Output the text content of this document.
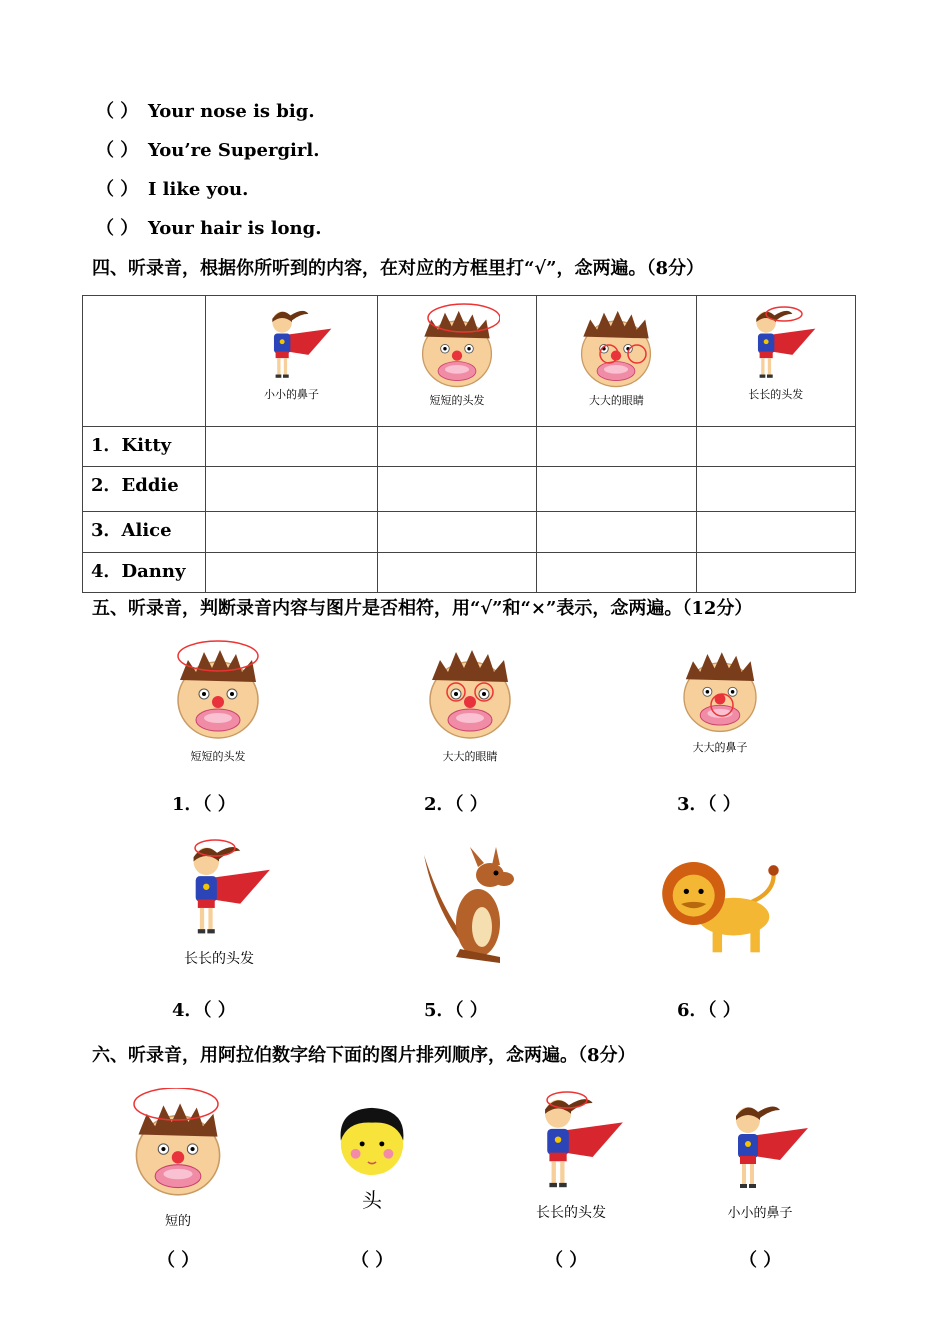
（ ） Your nose is big.
（ ） You’re Supergirl.
（ ） I like you.
（ ） Your hair is long.
四、听录音，根据你所听到的内容，在对应的方框里打“√”，念两遍。（8分）

	小小的鼻子	短短的头发	大大的眼睛	长长的头发

1．Kitty				
2．Eddie				
3．Alice				
4．Danny				
五、听录音，判断录音内容与图片是否相符，用“√”和“×”表示，念两遍。（12分）
短短的头发	大大的眼睛
大大的鼻子
1．（ ）	2．（ ）	3．（ ）
长长的头发
4．（ ）	5．（ ）	6．（ ）
六、听录音，用阿拉伯数字给下面的图片排列顺序，念两遍。（8分）
短的
头
长长的头发	小小的鼻子
（ ）	（ ）	（ ）	（ ）
